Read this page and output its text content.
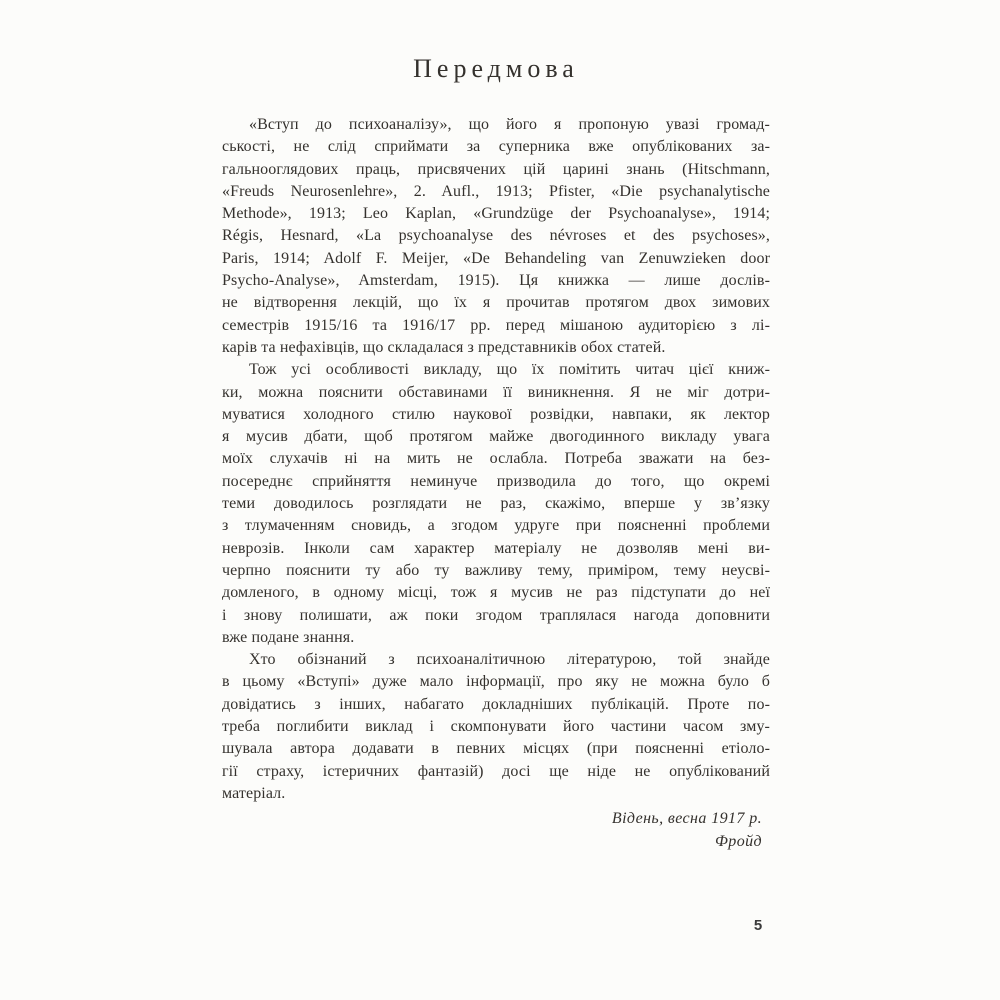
Передмова
«Вступ до психоаналізу», що його я пропоную увазі громад-
ськості, не слід сприймати за суперника вже опублікованих за-
гальнооглядових праць, присвячених цій царині знань (Hitschmann,
«Freuds Neurosenlehre», 2. Aufl., 1913; Pfister, «Die psychanalytische
Methode», 1913; Leo Kaplan, «Grundzüge der Psychoanalyse», 1914;
Régis, Hesnard, «La psychoanalyse des névroses et des psychoses»,
Paris, 1914; Adolf F. Meijer, «De Behandeling van Zenuwzieken door
Psycho-Analyse», Amsterdam, 1915). Ця книжка — лише дослів-
не відтворення лекцій, що їх я прочитав протягом двох зимових
семестрів 1915/16 та 1916/17 рр. перед мішаною аудиторією з лі-
карів та нефахівців, що складалася з представників обох статей.
Тож усі особливості викладу, що їх помітить читач цієї книж-
ки, можна пояснити обставинами її виникнення. Я не міг дотри-
муватися холодного стилю наукової розвідки, навпаки, як лектор
я мусив дбати, щоб протягом майже двогодинного викладу увага
моїх слухачів ні на мить не ослабла. Потреба зважати на без-
посереднє сприйняття неминуче призводила до того, що окремі
теми доводилось розглядати не раз, скажімо, вперше у зв’язку
з тлумаченням сновидь, а згодом удруге при поясненні проблеми
неврозів. Інколи сам характер матеріалу не дозволяв мені ви-
черпно пояснити ту або ту важливу тему, приміром, тему неусві-
домленого, в одному місці, тож я мусив не раз підступати до неї
і знову полишати, аж поки згодом траплялася нагода доповнити
вже подане знання.
Хто обізнаний з психоаналітичною літературою, той знайде
в цьому «Вступі» дуже мало інформації, про яку не можна було б
довідатись з інших, набагато докладніших публікацій. Проте по-
треба поглибити виклад і скомпонувати його частини часом зму-
шувала автора додавати в певних місцях (при поясненні етіоло-
гії страху, істеричних фантазій) досі ще ніде не опублікований
матеріал.
Відень, весна 1917 р.
Фройд
5
